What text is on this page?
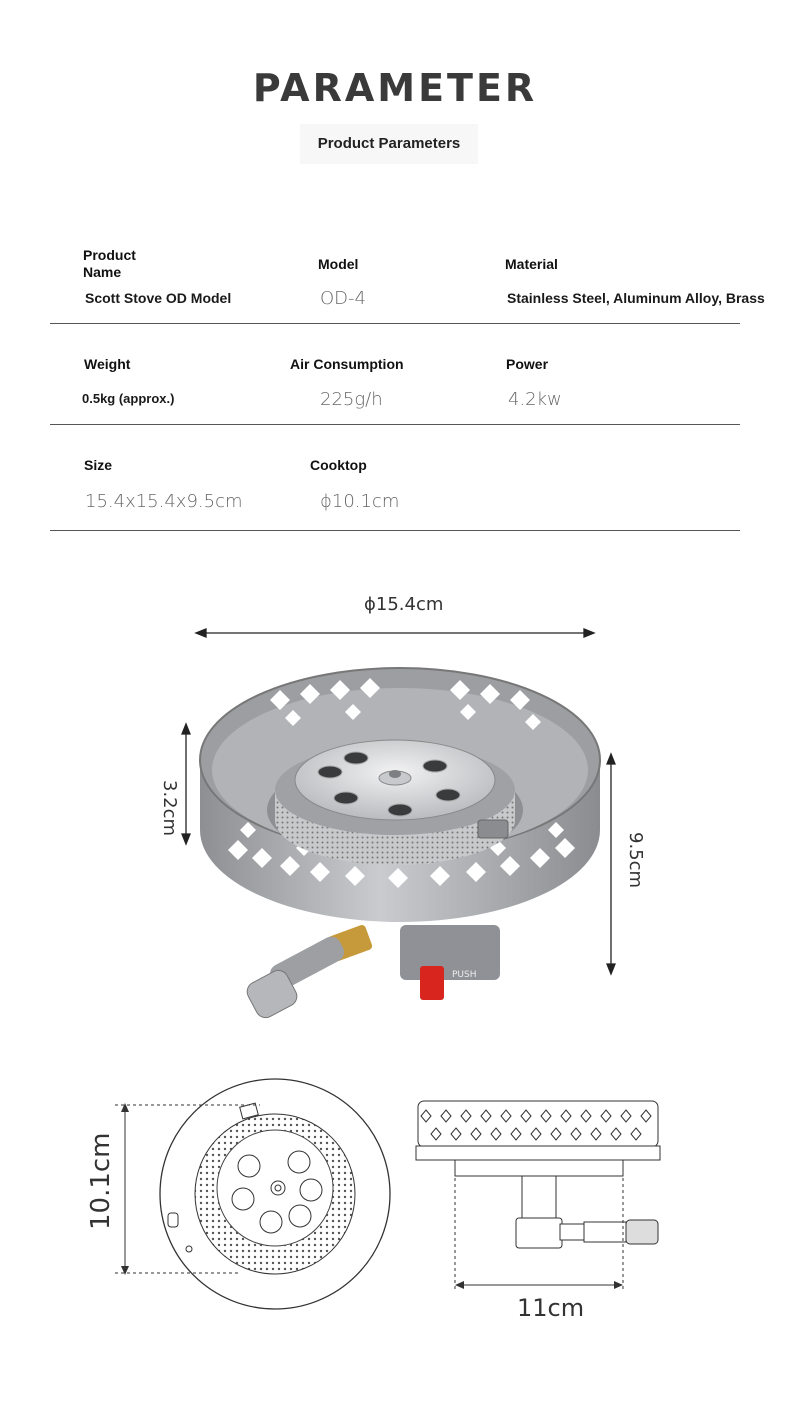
PARAMETER
Product Parameters
Product Name	Model	Material
Scott Stove OD Model	OD-4	Stainless Steel, Aluminum Alloy, Brass
Weight	Air Consumption	Power
0.5kg (approx.)	225g/h	4.2kw
Size	Cooktop
15.4x15.4x9.5cm	ϕ10.1cm
ϕ15.4cm
3.2cm
9.5cm
PUSH
10.1cm
11cm
